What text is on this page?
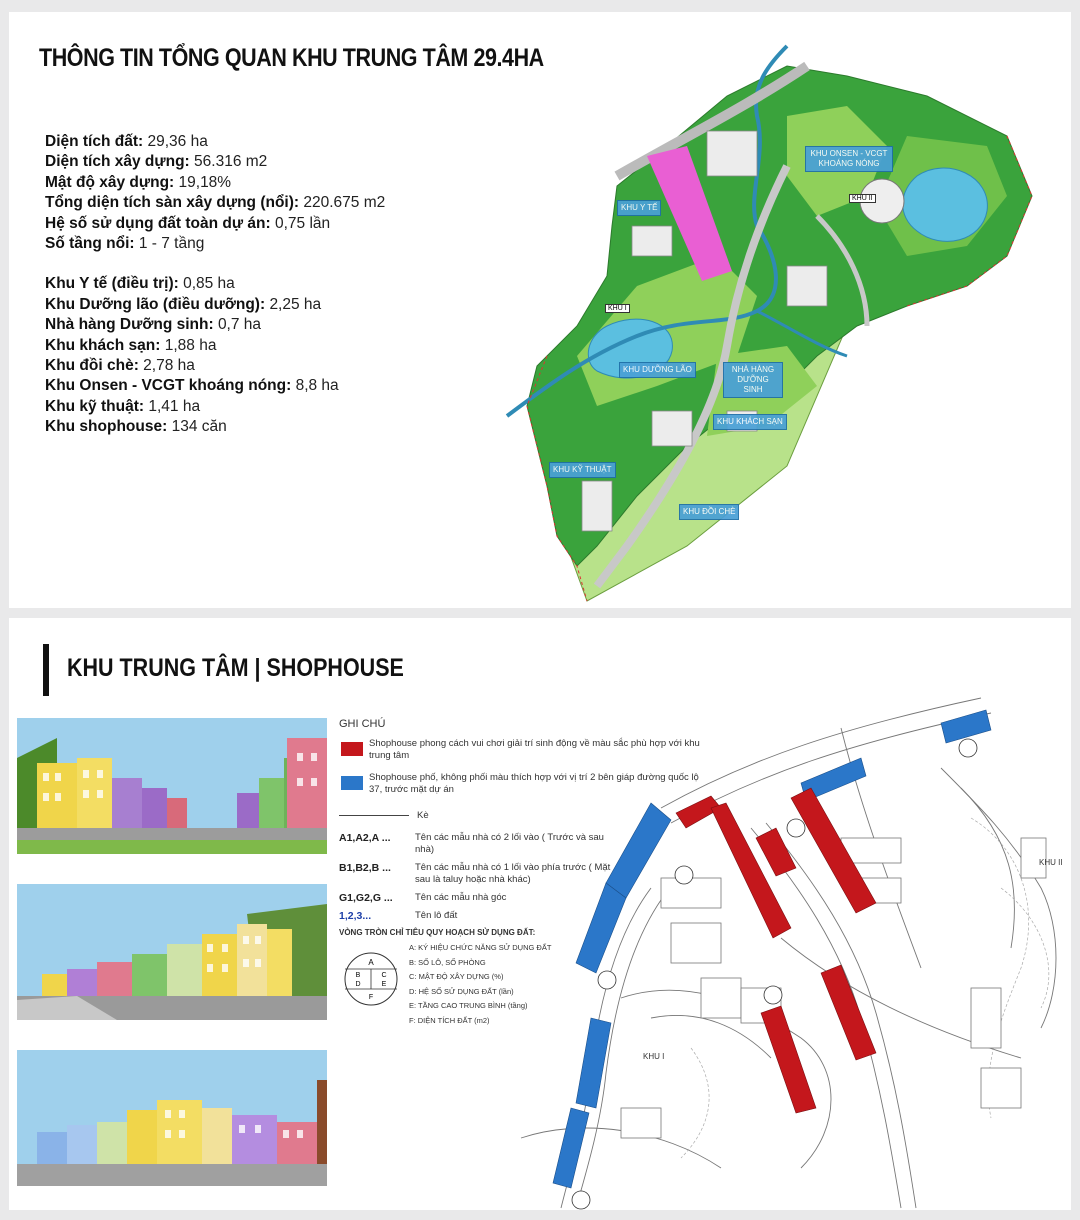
THÔNG TIN TỔNG QUAN KHU TRUNG TÂM 29.4HA
Diện tích đất: 29,36 ha
Diện tích xây dựng: 56.316 m2
Mật độ xây dựng: 19,18%
Tổng diện tích sàn xây dựng (nổi): 220.675 m2
Hệ số sử dụng đất toàn dự án: 0,75 lần
Số tầng nổi: 1 - 7 tầng
Khu Y tế (điều trị): 0,85 ha
Khu Dưỡng lão (điều dưỡng): 2,25 ha
Nhà hàng Dưỡng sinh: 0,7 ha
Khu khách sạn: 1,88 ha
Khu đồi chè: 2,78 ha
Khu Onsen - VCGT khoáng nóng: 8,8 ha
Khu kỹ thuật: 1,41 ha
Khu shophouse: 134 căn
KHU ONSEN - VCGT KHOÁNG NÓNG
KHU Y TẾ
KHU DƯỠNG LÃO	NHÀ HÀNG DƯỠNG SINH
KHU KHÁCH SẠN
KHU KỸ THUẬT
KHU ĐỒI CHÈ
KHU I
KHU II
KHU TRUNG TÂM | SHOPHOUSE
GHI CHÚ
Shophouse phong cách vui chơi giải trí sinh động về màu sắc phù hợp với khu trung tâm
Shophouse phố, không phối màu thích hợp với vị trí 2 bên giáp đường quốc lộ 37, trước mặt dự án
Kè
A1,A2,A ...	Tên các mẫu nhà có 2 lối vào ( Trước và sau nhà)
B1,B2,B ...	Tên các mẫu nhà có 1 lối vào phía trước ( Mặt sau là taluy hoặc nhà khác)
G1,G2,G ...	Tên các mẫu nhà góc
1,2,3...	Tên lô đất
VÒNG TRÒN CHỈ TIÊU QUY HOẠCH SỬ DỤNG ĐẤT:
A
B	C
D	E
F
A: KÝ HIỆU CHỨC NĂNG SỬ DỤNG ĐẤT
B: SỐ LÔ, SỐ PHÒNG
C: MẬT ĐỘ XÂY DỰNG (%)
D: HỆ SỐ SỬ DỤNG ĐẤT (lần)
E: TẦNG CAO TRUNG BÌNH (tầng)
F: DIỆN TÍCH ĐẤT (m2)
KHU I
KHU II
